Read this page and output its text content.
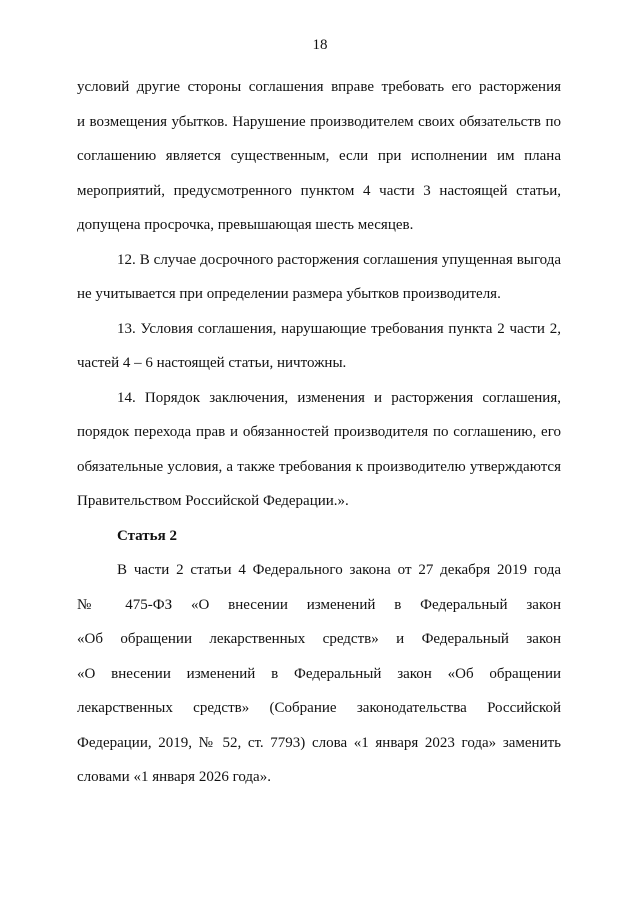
18
условий другие стороны соглашения вправе требовать его расторжения
и возмещения убытков. Нарушение производителем своих обязательств по
соглашению является существенным, если при исполнении им плана
мероприятий, предусмотренного пунктом 4 части 3 настоящей статьи,
допущена просрочка, превышающая шесть месяцев.
12. В случае досрочного расторжения соглашения упущенная выгода
не учитывается при определении размера убытков производителя.
13. Условия соглашения, нарушающие требования пункта 2 части 2,
частей 4 – 6 настоящей статьи, ничтожны.
14. Порядок заключения, изменения и расторжения соглашения,
порядок перехода прав и обязанностей производителя по соглашению, его
обязательные условия, а также требования к производителю утверждаются
Правительством Российской Федерации.».
Статья 2
В части 2 статьи 4 Федерального закона от 27 декабря 2019 года
№ 475-ФЗ «О внесении изменений в Федеральный закон
«Об обращении лекарственных средств» и Федеральный закон
«О внесении изменений в Федеральный закон «Об обращении
лекарственных средств» (Собрание законодательства Российской
Федерации, 2019, № 52, ст. 7793) слова «1 января 2023 года» заменить
словами «1 января 2026 года».
